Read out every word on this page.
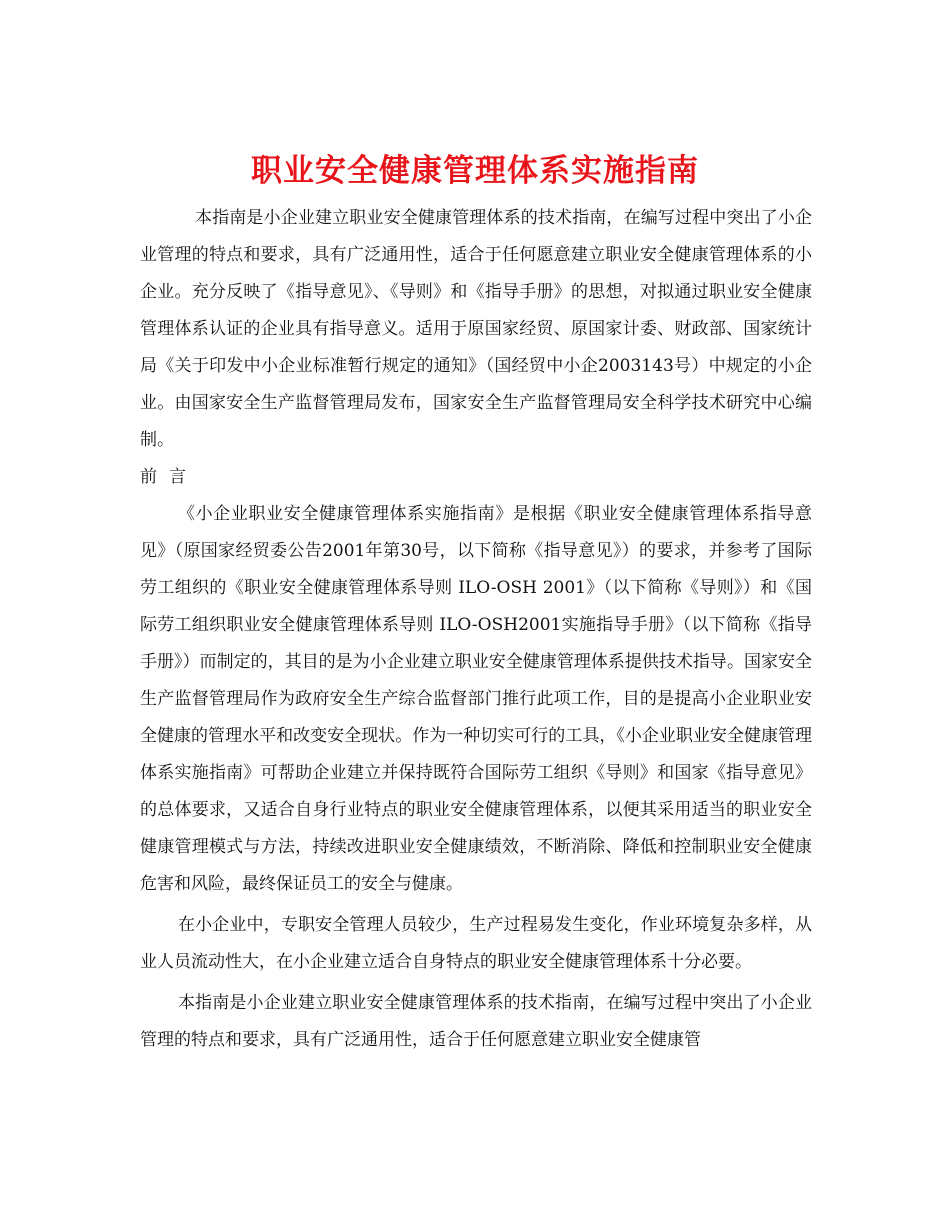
职业安全健康管理体系实施指南

本指南是小企业建立职业安全健康管理体系的技术指南，在编写过程中突出了小企业管理的特点和要求，具有广泛通用性，适合于任何愿意建立职业安全健康管理体系的小企业。充分反映了《指导意见》、《导则》和《指导手册》的思想，对拟通过职业安全健康管理体系认证的企业具有指导意义。适用于原国家经贸、原国家计委、财政部、国家统计局《关于印发中小企业标准暂行规定的通知》（国经贸中小企2003143号）中规定的小企业。由国家安全生产监督管理局发布，国家安全生产监督管理局安全科学技术研究中心编制。

前 言

《小企业职业安全健康管理体系实施指南》是根据《职业安全健康管理体系指导意见》（原国家经贸委公告2001年第30号，以下简称《指导意见》）的要求，并参考了国际劳工组织的《职业安全健康管理体系导则 ILO-OSH 2001》（以下简称《导则》）和《国际劳工组织职业安全健康管理体系导则 ILO-OSH2001实施指导手册》（以下简称《指导手册》）而制定的，其目的是为小企业建立职业安全健康管理体系提供技术指导。国家安全生产监督管理局作为政府安全生产综合监督部门推行此项工作，目的是提高小企业职业安全健康的管理水平和改变安全现状。作为一种切实可行的工具，《小企业职业安全健康管理体系实施指南》可帮助企业建立并保持既符合国际劳工组织《导则》和国家《指导意见》的总体要求，又适合自身行业特点的职业安全健康管理体系，以便其采用适当的职业安全健康管理模式与方法，持续改进职业安全健康绩效，不断消除、降低和控制职业安全健康危害和风险，最终保证员工的安全与健康。

在小企业中，专职安全管理人员较少，生产过程易发生变化，作业环境复杂多样，从业人员流动性大，在小企业建立适合自身特点的职业安全健康管理体系十分必要。

本指南是小企业建立职业安全健康管理体系的技术指南，在编写过程中突出了小企业管理的特点和要求，具有广泛通用性，适合于任何愿意建立职业安全健康管
